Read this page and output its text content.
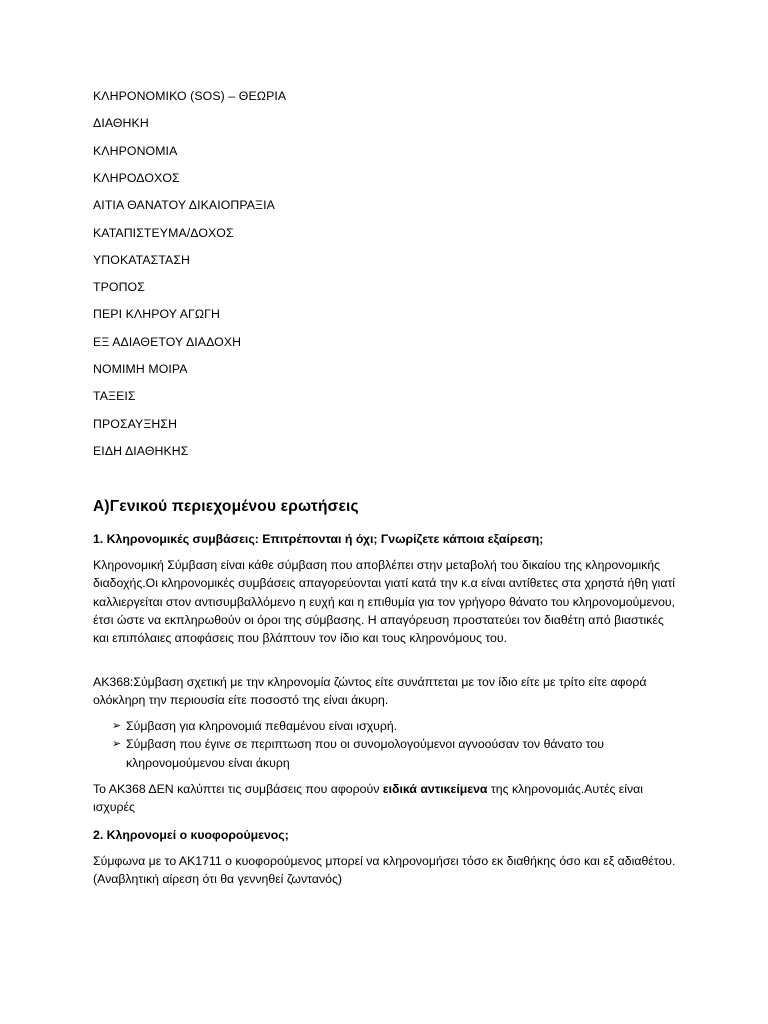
ΚΛΗΡΟΝΟΜΙΚΟ (SOS) – ΘΕΩΡΙΑ

ΔΙΑΘΗΚΗ

ΚΛΗΡΟΝΟΜΙΑ

ΚΛΗΡΟΔΟΧΟΣ

ΑΙΤΙΑ ΘΑΝΑΤΟΥ ΔΙΚΑΙΟΠΡΑΞΙΑ

ΚΑΤΑΠΙΣΤΕΥΜΑ/ΔΟΧΟΣ

ΥΠΟΚΑΤΑΣΤΑΣΗ

ΤΡΟΠΟΣ

ΠΕΡΙ ΚΛΗΡΟΥ ΑΓΩΓΗ

ΕΞ ΑΔΙΑΘΕΤΟΥ ΔΙΑΔΟΧΗ

ΝΟΜΙΜΗ ΜΟΙΡΑ

ΤΑΞΕΙΣ

ΠΡΟΣΑΥΞΗΣΗ

ΕΙΔΗ ΔΙΑΘΗΚΗΣ

Α)Γενικού περιεχομένου ερωτήσεις

1. Κληρονομικές συμβάσεις: Επιτρέπονται ή όχι; Γνωρίζετε κάποια εξαίρεση;

Κληρονομική Σύμβαση είναι κάθε σύμβαση που αποβλέπει στην μεταβολή του δικαίου της κληρονομικής διαδοχής.Οι κληρονομικές συμβάσεις απαγορεύονται γιατί κατά την κ.α είναι αντίθετες στα χρηστά ήθη γιατί καλλιεργείται στον αντισυμβαλλόμενο η ευχή και η επιθυμία για τον γρήγορο θάνατο του κληρονομούμενου, έτσι ώστε να εκπληρωθούν οι όροι της σύμβασης. Η απαγόρευση προστατεύει τον διαθέτη από βιαστικές και επιπόλαιες αποφάσεις που βλάπτουν τον ίδιο και τους κληρονόμους του.

ΑΚ368:Σύμβαση σχετική με την κληρονομία ζώντος είτε συνάπτεται με τον ίδιο είτε με τρίτο είτε αφορά ολόκληρη την περιουσία είτε ποσοστό της είναι άκυρη.

➢ Σύμβαση για κληρονομιά πεθαμένου είναι ισχυρή.
➢ Σύμβαση που έγινε σε περιπτωση που οι συνομολογούμενοι αγνοούσαν τον θάνατο του κληρονομούμενου είναι άκυρη

Το ΑΚ368 ΔΕΝ καλύπτει τις συμβάσεις που αφορούν ειδικά αντικείμενα της κληρονομιάς.Αυτές είναι ισχυρές

2. Κληρονομεί ο κυοφορούμενος;

Σύμφωνα με το ΑΚ1711 ο κυοφορούμενος μπορεί να κληρονομήσει τόσο εκ διαθήκης όσο και εξ αδιαθέτου.(Αναβλητική αίρεση ότι θα γεννηθεί ζωντανός)
